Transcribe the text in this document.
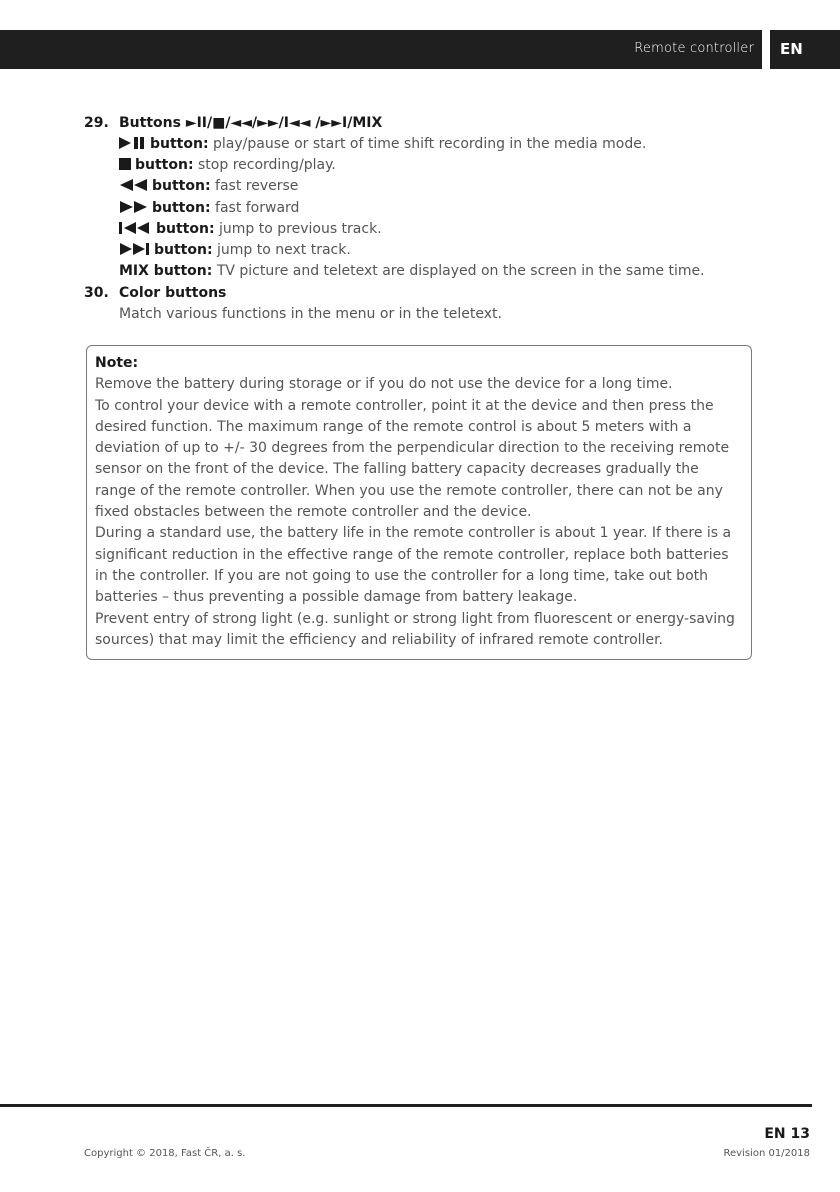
Remote controller	EN
29. Buttons ►II/■/◄◄/►►/I◄◄ /►►I/MIX
button: play/pause or start of time shift recording in the media mode.
button: stop recording/play.
button: fast reverse
button: fast forward
button: jump to previous track.
button: jump to next track.
MIX button: TV picture and teletext are displayed on the screen in the same time.
30. Color buttons
Match various functions in the menu or in the teletext.
Note:

Remove the battery during storage or if you do not use the device for a long time.

To control your device with a remote controller, point it at the device and then press the desired function. The maximum range of the remote control is about 5 meters with a deviation of up to +/- 30 degrees from the perpendicular direction to the receiving remote sensor on the front of the device. The falling battery capacity decreases gradually the range of the remote controller. When you use the remote controller, there can not be any fixed obstacles between the remote controller and the device.

During a standard use, the battery life in the remote controller is about 1 year. If there is a significant reduction in the effective range of the remote controller, replace both batteries in the controller. If you are not going to use the controller for a long time, take out both batteries – thus preventing a possible damage from battery leakage.

Prevent entry of strong light (e.g. sunlight or strong light from fluorescent or energy-saving sources) that may limit the efficiency and reliability of infrared remote controller.

EN 13
Copyright © 2018, Fast ČR, a. s.	Revision 01/2018
